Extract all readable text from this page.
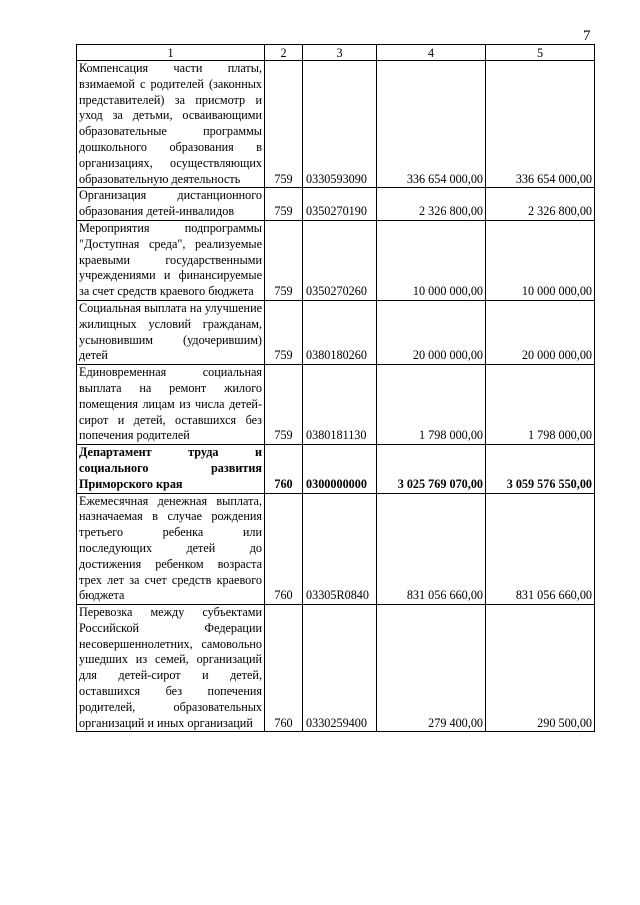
7
1	2	3	4	5
Компенсация части платы, взимаемой с родителей (законных представителей) за присмотр и уход за детьми, осваивающими образовательные программы дошкольного образования в организациях, осуществляющих образовательную деятельность	759	0330593090	336 654 000,00	336 654 000,00
Организация дистанционного образования детей-инвалидов	759	0350270190	2 326 800,00	2 326 800,00
Мероприятия подпрограммы "Доступная среда", реализуемые краевыми государственными учреждениями и финансируемые за счет средств краевого бюджета	759	0350270260	10 000 000,00	10 000 000,00
Социальная выплата на улучшение жилищных условий гражданам, усыновившим (удочерившим) детей	759	0380180260	20 000 000,00	20 000 000,00
Единовременная социальная выплата на ремонт жилого помещения лицам из числа детей-сирот и детей, оставшихся без попечения родителей	759	0380181130	1 798 000,00	1 798 000,00
Департамент труда и социального развития Приморского края	760	0300000000	3 025 769 070,00	3 059 576 550,00
Ежемесячная денежная выплата, назначаемая в случае рождения третьего ребенка или последующих детей до достижения ребенком возраста трех лет за счет средств краевого бюджета	760	03305R0840	831 056 660,00	831 056 660,00
Перевозка между субъектами Российской Федерации несовершеннолетних, самовольно ушедших из семей, организаций для детей-сирот и детей, оставшихся без попечения родителей, образовательных организаций и иных организаций	760	0330259400	279 400,00	290 500,00
